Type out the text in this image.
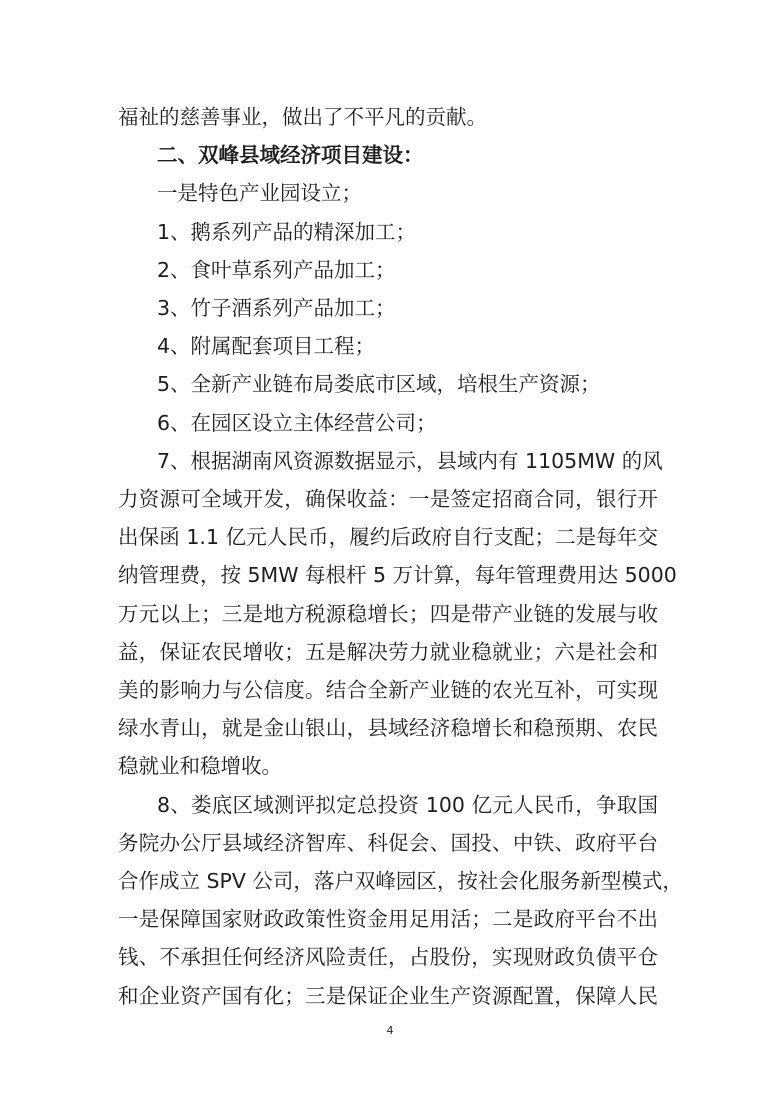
福祉的慈善事业，做出了不平凡的贡献。
二、双峰县域经济项目建设：
一是特色产业园设立；
1、鹅系列产品的精深加工；
2、食叶草系列产品加工；
3、竹子酒系列产品加工；
4、附属配套项目工程；
5、全新产业链布局娄底市区域，培根生产资源；
6、在园区设立主体经营公司；
7、根据湖南风资源数据显示，县域内有 1105MW 的风
力资源可全域开发，确保收益：一是签定招商合同，银行开
出保函 1.1 亿元人民币，履约后政府自行支配；二是每年交
纳管理费，按 5MW 每根杆 5 万计算，每年管理费用达 5000
万元以上；三是地方税源稳增长；四是带产业链的发展与收
益，保证农民增收；五是解决劳力就业稳就业；六是社会和
美的影响力与公信度。结合全新产业链的农光互补，可实现
绿水青山，就是金山银山，县域经济稳增长和稳预期、农民
稳就业和稳增收。
8、娄底区域测评拟定总投资 100 亿元人民币，争取国
务院办公厅县域经济智库、科促会、国投、中铁、政府平台
合作成立 SPV 公司，落户双峰园区，按社会化服务新型模式，
一是保障国家财政政策性资金用足用活；二是政府平台不出
钱、不承担任何经济风险责任，占股份，实现财政负债平仓
和企业资产国有化；三是保证企业生产资源配置，保障人民
4
